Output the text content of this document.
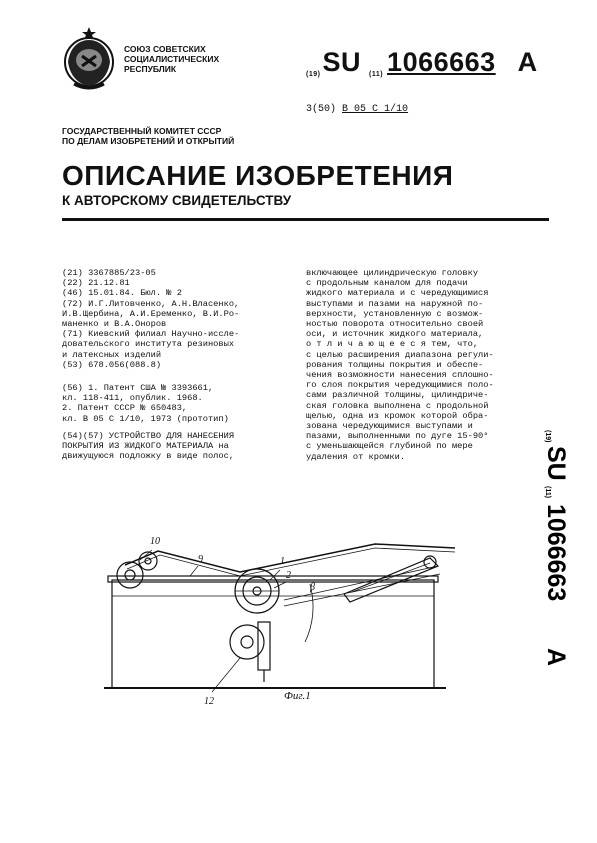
СОЮЗ СОВЕТСКИХ
СОЦИАЛИСТИЧЕСКИХ
РЕСПУБЛИК
(19)SU (11) 1066663 A
3(50) В 05 С 1/10
ГОСУДАРСТВЕННЫЙ КОМИТЕТ СССР
ПО ДЕЛАМ ИЗОБРЕТЕНИЙ И ОТКРЫТИЙ
ОПИСАНИЕ ИЗОБРЕТЕНИЯ
К АВТОРСКОМУ СВИДЕТЕЛЬСТВУ
(21) 3367885/23-05
(22) 21.12.81
(46) 15.01.84. Бюл. № 2
(72) И.Г.Литовченко, А.Н.Власенко,
И.В.Щербина, А.И.Еременко, В.И.Ро-
маненко и В.А.Оноров
(71) Киевский филиал Научно-иссле-
довательского института резиновых
и латексных изделий
(53) 678.056(088.8)
(56) 1. Патент США № 3393661,
кл. 118-411, опублик. 1968.
2. Патент СССР № 650483,
кл. В 05 С 1/10, 1973 (прототип)
(54)(57) УСТРОЙСТВО ДЛЯ НАНЕСЕНИЯ
ПОКРЫТИЯ ИЗ ЖИДКОГО МАТЕРИАЛА на
движущуюся подложку в виде полос,
включающее цилиндрическую головку
с продольным каналом для подачи
жидкого материала и с чередующимися
выступами и пазами на наружной по-
верхности, установленную с возмож-
ностью поворота относительно своей
оси, и источник жидкого материала,
о т л и ч а ю щ е е с я тем, что,
с целью расширения диапазона регули-
рования толщины покрытия и обеспе-
чения возможности нанесения сплошно-
го слоя покрытия чередующимися поло-
сами различной толщины, цилиндриче-
ская головка выполнена с продольной
щелью, одна из кромок которой обра-
зована чередующимися выступами и
пазами, выполненными по дуге 15-90°
с уменьшающейся глубиной по мере
удаления от кромки.
(19)
SU
(11)
1066663
A
10
9	1
2
β
12	Фиг.1
